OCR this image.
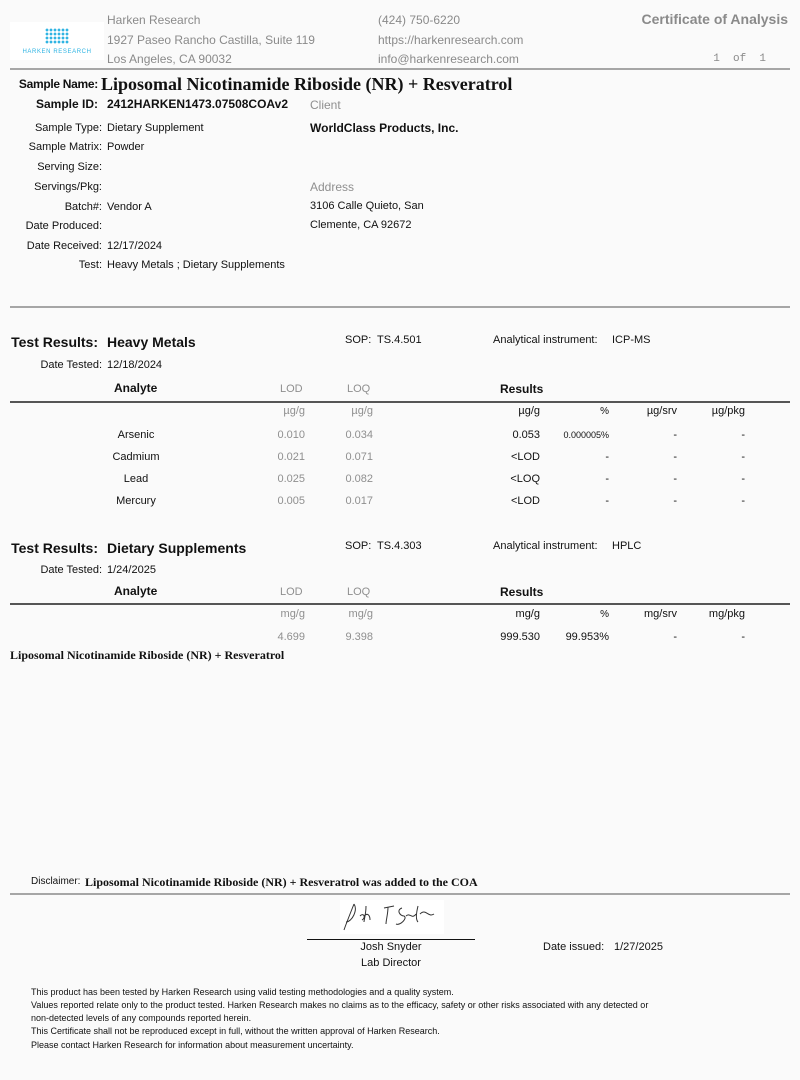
HARKEN RESEARCH
Harken Research
1927 Paseo Rancho Castilla, Suite 119
Los Angeles, CA 90032
(424) 750-6220
https://harkenresearch.com
info@harkenresearch.com
Certificate of Analysis
1  of  1
Sample Name: Liposomal Nicotinamide Riboside (NR) + Resveratrol
Sample ID: 2412HARKEN1473.07508COAv2
Sample Type: Dietary Supplement
Sample Matrix: Powder
Serving Size:
Servings/Pkg:
Batch#: Vendor A
Date Produced:
Date Received: 12/17/2024
Test: Heavy Metals ; Dietary Supplements
Client
WorldClass Products, Inc.
Address
3106 Calle Quieto, San
Clemente, CA 92672
Test Results: Heavy Metals	SOP: TS.4.501	Analytical instrument: ICP-MS
Date Tested: 12/18/2024
Analyte	LOD	LOQ	Results
µg/g	µg/g	µg/g	%	µg/srv	µg/pkg
Arsenic	0.010	0.034	0.053	0.000005%	-	-
Cadmium	0.021	0.071	<LOD	-	-	-
Lead	0.025	0.082	<LOQ	-	-	-
Mercury	0.005	0.017	<LOD	-	-	-
Test Results: Dietary Supplements	SOP: TS.4.303	Analytical instrument: HPLC
Date Tested: 1/24/2025
Analyte	LOD	LOQ	Results
mg/g	mg/g	mg/g	%	mg/srv	mg/pkg
Liposomal Nicotinamide Riboside (NR) + Resveratrol
4.699	9.398	999.530 99.953%	-	-
Disclaimer: Liposomal Nicotinamide Riboside (NR) + Resveratrol was added to the COA
Josh Snyder
Lab Director
Date issued: 1/27/2025
This product has been tested by Harken Research using valid testing methodologies and a quality system.
Values reported relate only to the product tested. Harken Research makes no claims as to the efficacy, safety or other risks associated with any detected or
non-detected levels of any compounds reported herein.
This Certificate shall not be reproduced except in full, without the written approval of Harken Research.
Please contact Harken Research for information about measurement uncertainty.
